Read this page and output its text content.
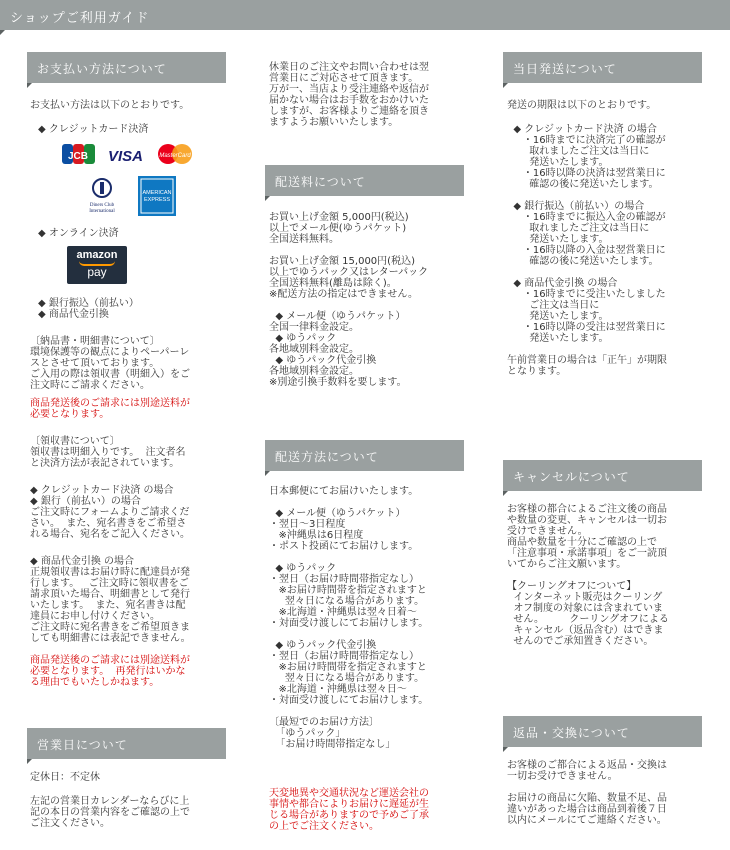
ショップご利用ガイド
お支払い方法について
お支払い方法は以下のとおりです。
◆ クレジットカード決済
JCB VISA	MasterCard
Diners Club
International
AMERICAN
EXPRESS
◆ オンライン決済
amazon
pay
◆ 銀行振込（前払い）
◆ 商品代金引換
〔納品書・明細書について〕
環境保護等の観点によりペーパーレ
スとさせて頂いております。
ご入用の際は領収書（明細入）をご
注文時にご請求ください。
商品発送後のご請求には別途送料が
必要となります。
〔領収書について〕
領収書は明細入りです。  注文者名
と決済方法が表記されています。
◆ クレジットカード決済 の場合
◆ 銀行（前払い）の場合
ご注文時にフォームよりご請求くだ
さい。  また、宛名書きをご希望さ
れる場合、宛名をご記入ください。
◆ 商品代金引換 の場合
正規領収書はお届け時に配達員が発
行します。   ご注文時に領収書をご
請求頂いた場合、明細書として発行
いたします。  また、宛名書きは配
達員にお申し付けください。
ご注文時に宛名書きをご希望頂きま
しても明細書には表記できません。
商品発送後のご請求には別途送料が
必要となります。  再発行はいかな
る理由でもいたしかねます。
営業日について
定休日：不定休
左記の営業日カレンダーならびに上
記の本日の営業内容をご確認の上で
ご注文ください。
休業日のご注文やお問い合わせは翌
営業日にご対応させて頂きます。
万が一、当店より受注連絡や返信が
届かない場合はお手数をおかけいた
しますが、お客様よりご連絡を頂き
ますようお願いいたします。
配送料について
お買い上げ金額 5,000円(税込)
以上でメール便(ゆうパケット)
全国送料無料。

お買い上げ金額 15,000円(税込)
以上でゆうパック又はレターパック
全国送料無料(離島は除く)。
※配送方法の指定はできません。

◆ メール便（ゆうパケット）
全国一律料金設定。
◆ ゆうパック
各地域別料金設定。
◆ ゆうパック代金引換
各地域別料金設定。
※別途引換手数料を要します。
配送方法について
日本郵便にてお届けいたします。

◆ メール便（ゆうパケット）
・翌日～3日程度
※沖縄県は6日程度
・ポスト投函にてお届けします。

◆ ゆうパック
・翌日（お届け時間帯指定なし）
※お届け時間帯を指定されますと
翌々日になる場合があります。
※北海道・沖縄県は翌々日着～
・対面受け渡しにてお届けします。

◆ ゆうパック代金引換
・翌日（お届け時間帯指定なし）
※お届け時間帯を指定されますと
翌々日になる場合があります。
※北海道・沖縄県は翌々日～
・対面受け渡しにてお届けします。

〔最短でのお届け方法〕
「ゆうパック」
「お届け時間帯指定なし」
天変地異や交通状況など運送会社の
事情や都合によりお届けに遅延が生
じる場合がありますので予めご了承
の上でご注文ください。
当日発送について
発送の期限は以下のとおりです。
◆ クレジットカード決済 の場合
・16時までに決済完了の確認が
取れましたご注文は当日に
発送いたします。
・16時以降の決済は翌営業日に
確認の後に発送いたします。

◆ 銀行振込（前払い）の場合
・16時までに振込入金の確認が
取れましたご注文は当日に
発送いたします。
・16時以降の入金は翌営業日に
確認の後に発送いたします。

◆ 商品代金引換 の場合
・16時までに受注いたしました
ご注文は当日に
発送いたします。
・16時以降の受注は翌営業日に
発送いたします。

午前営業日の場合は「正午」が期限
となります。
キャンセルについて
お客様の都合によるご注文後の商品
や数量の変更、キャンセルは一切お
受けできません。
商品や数量を十分にご確認の上で
「注意事項・承諾事項」をご一読頂
いてからご注文願います。

【クーリングオフについて】
インターネット販売はクーリング
オフ制度の対象には含まれていま
せん。        クーリングオフによる
キャンセル（返品含む）はできま
せんのでご承知置きください。
返品・交換について
お客様のご都合による返品・交換は
一切お受けできません。

お届けの商品に欠陥、数量不足、品
違いがあった場合は商品到着後７日
以内にメールにてご連絡ください。
